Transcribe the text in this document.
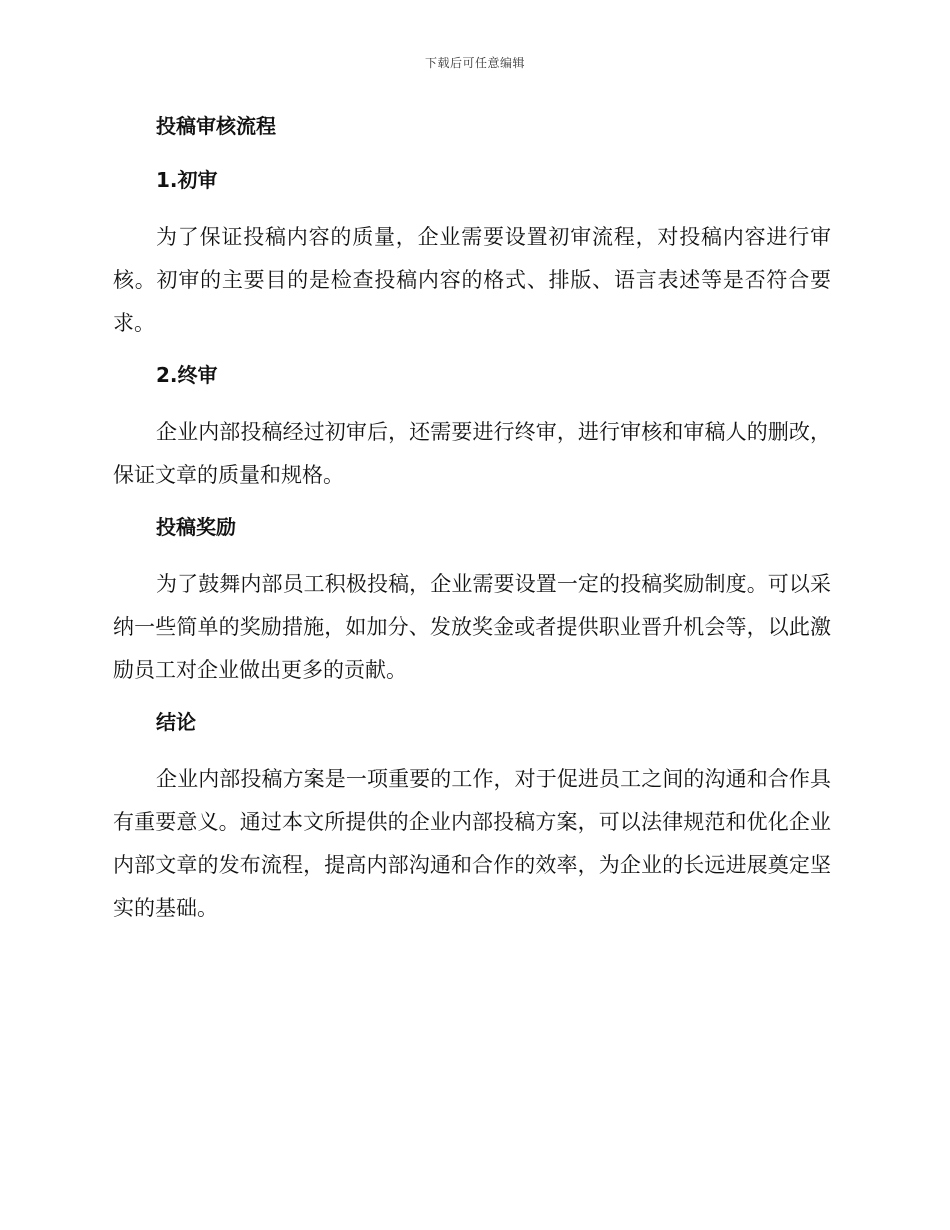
下载后可任意编辑
投稿审核流程
1.初审

为了保证投稿内容的质量，企业需要设置初审流程，对投稿内容进行审核。初审的主要目的是检查投稿内容的格式、排版、语言表述等是否符合要求。

2.终审

企业内部投稿经过初审后，还需要进行终审，进行审核和审稿人的删改，保证文章的质量和规格。

投稿奖励

为了鼓舞内部员工积极投稿，企业需要设置一定的投稿奖励制度。可以采纳一些简单的奖励措施，如加分、发放奖金或者提供职业晋升机会等，以此激励员工对企业做出更多的贡献。

结论

企业内部投稿方案是一项重要的工作，对于促进员工之间的沟通和合作具有重要意义。通过本文所提供的企业内部投稿方案，可以法律规范和优化企业内部文章的发布流程，提高内部沟通和合作的效率，为企业的长远进展奠定坚实的基础。
